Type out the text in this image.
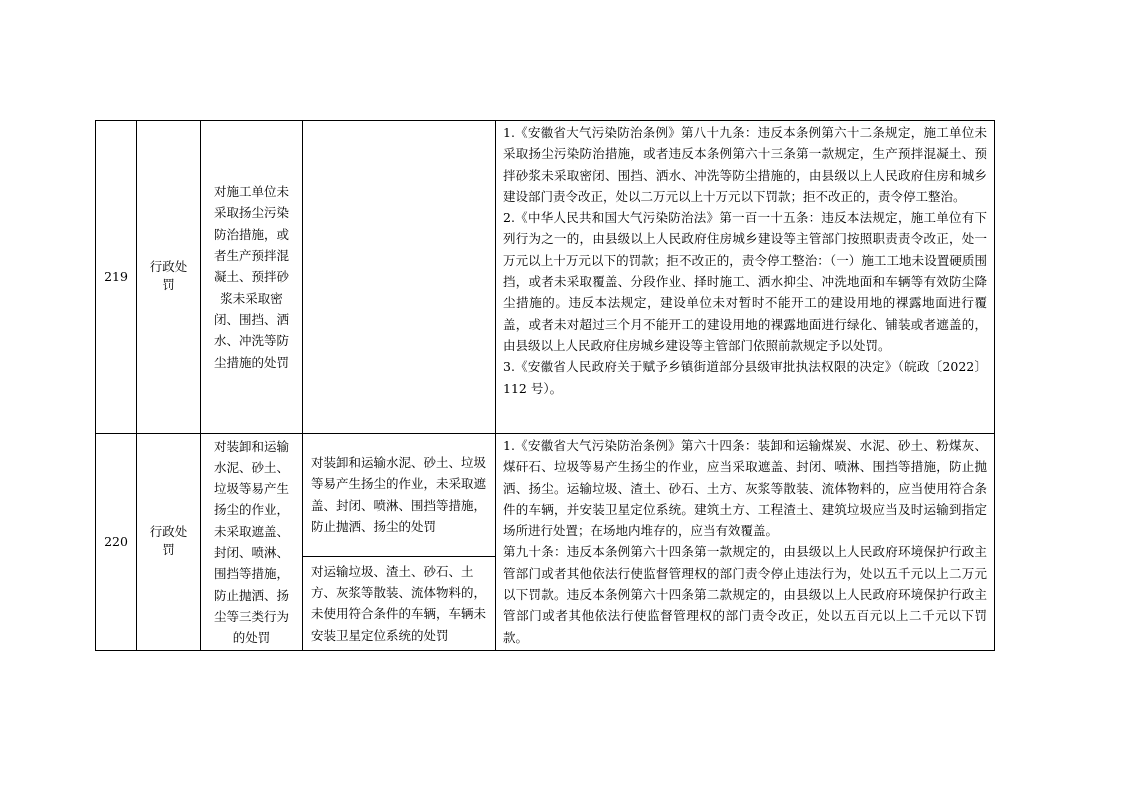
219	行政处罚	对施工单位未采取扬尘污染防治措施，或者生产预拌混凝土、预拌砂浆未采取密闭、围挡、洒水、冲洗等防尘措施的处罚		1.《安徽省大气污染防治条例》第八十九条：违反本条例第六十二条规定，施工单位未采取扬尘污染防治措施，或者违反本条例第六十三条第一款规定，生产预拌混凝土、预拌砂浆未采取密闭、围挡、洒水、冲洗等防尘措施的，由县级以上人民政府住房和城乡建设部门责令改正，处以二万元以上十万元以下罚款；拒不改正的，责令停工整治。

2.《中华人民共和国大气污染防治法》第一百一十五条：违反本法规定，施工单位有下列行为之一的，由县级以上人民政府住房城乡建设等主管部门按照职责责令改正，处一万元以上十万元以下的罚款；拒不改正的，责令停工整治：（一）施工工地未设置硬质围挡，或者未采取覆盖、分段作业、择时施工、洒水抑尘、冲洗地面和车辆等有效防尘降尘措施的。违反本法规定，建设单位未对暂时不能开工的建设用地的裸露地面进行覆盖，或者未对超过三个月不能开工的建设用地的裸露地面进行绿化、铺装或者遮盖的，由县级以上人民政府住房城乡建设等主管部门依照前款规定予以处罚。

3.《安徽省人民政府关于赋予乡镇街道部分县级审批执法权限的决定》（皖政〔2022〕112 号）。

220	行政处罚	对装卸和运输水泥、砂土、垃圾等易产生扬尘的作业，未采取遮盖、封闭、喷淋、围挡等措施，防止抛洒、扬尘等三类行为的处罚	对装卸和运输水泥、砂土、垃圾等易产生扬尘的作业，未采取遮盖、封闭、喷淋、围挡等措施，防止抛洒、扬尘的处罚	1.《安徽省大气污染防治条例》第六十四条：装卸和运输煤炭、水泥、砂土、粉煤灰、煤矸石、垃圾等易产生扬尘的作业，应当采取遮盖、封闭、喷淋、围挡等措施，防止抛洒、扬尘。运输垃圾、渣土、砂石、土方、灰浆等散装、流体物料的，应当使用符合条件的车辆，并安装卫星定位系统。建筑土方、工程渣土、建筑垃圾应当及时运输到指定场所进行处置；在场地内堆存的，应当有效覆盖。

第九十条：违反本条例第六十四条第一款规定的，由县级以上人民政府环境保护行政主管部门或者其他依法行使监督管理权的部门责令停止违法行为，处以五千元以上二万元以下罚款。违反本条例第六十四条第二款规定的，由县级以上人民政府环境保护行政主管部门或者其他依法行使监督管理权的部门责令改正，处以五百元以上二千元以下罚款。

			对运输垃圾、渣土、砂石、土方、灰浆等散装、流体物料的，未使用符合条件的车辆，车辆未安装卫星定位系统的处罚	
